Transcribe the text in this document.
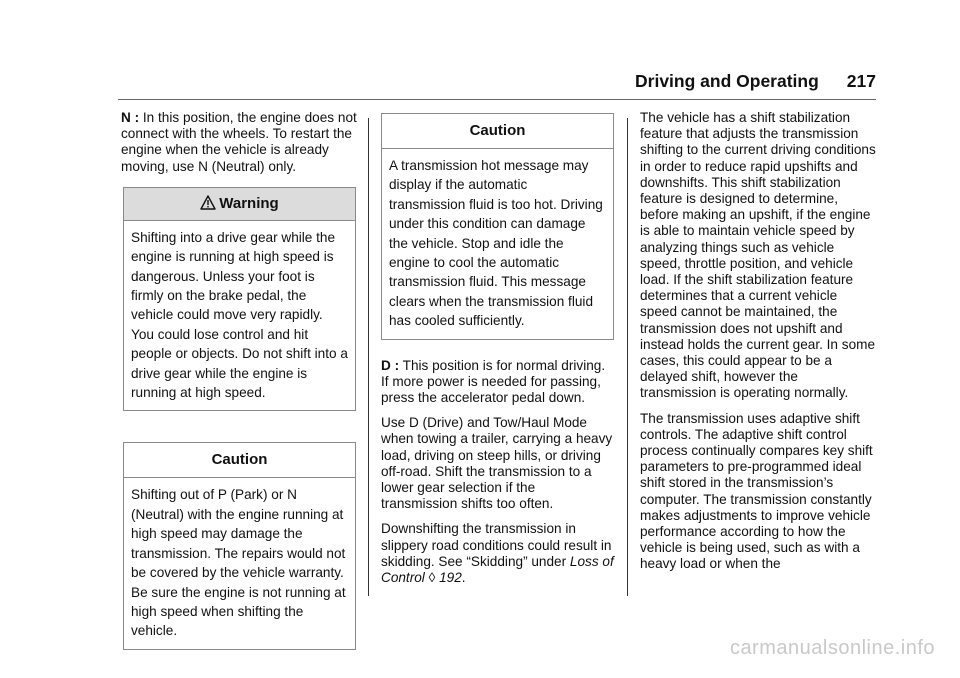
Driving and Operating 217

N : In this position, the engine does not connect with the wheels. To restart the engine when the vehicle is already moving, use N (Neutral) only.

Warning
Shifting into a drive gear while the engine is running at high speed is dangerous. Unless your foot is firmly on the brake pedal, the vehicle could move very rapidly. You could lose control and hit people or objects. Do not shift into a drive gear while the engine is running at high speed.
Caution
Shifting out of P (Park) or N (Neutral) with the engine running at high speed may damage the transmission. The repairs would not be covered by the vehicle warranty. Be sure the engine is not running at high speed when shifting the vehicle.
Caution
A transmission hot message may display if the automatic transmission fluid is too hot. Driving under this condition can damage the vehicle. Stop and idle the engine to cool the automatic transmission fluid. This message clears when the transmission fluid has cooled sufficiently.

D : This position is for normal driving. If more power is needed for passing, press the accelerator pedal down.

Use D (Drive) and Tow/Haul Mode when towing a trailer, carrying a heavy load, driving on steep hills, or driving off-road. Shift the transmission to a lower gear selection if the transmission shifts too often.

Downshifting the transmission in slippery road conditions could result in skidding. See “Skidding” under Loss of Control ◊ 192.

The vehicle has a shift stabilization feature that adjusts the transmission shifting to the current driving conditions in order to reduce rapid upshifts and downshifts. This shift stabilization feature is designed to determine, before making an upshift, if the engine is able to maintain vehicle speed by analyzing things such as vehicle speed, throttle position, and vehicle load. If the shift stabilization feature determines that a current vehicle speed cannot be maintained, the transmission does not upshift and instead holds the current gear. In some cases, this could appear to be a delayed shift, however the transmission is operating normally.

The transmission uses adaptive shift controls. The adaptive shift control process continually compares key shift parameters to pre-programmed ideal shift stored in the transmission’s computer. The transmission constantly makes adjustments to improve vehicle performance according to how the vehicle is being used, such as with a heavy load or when the

carmanualsonline.info
